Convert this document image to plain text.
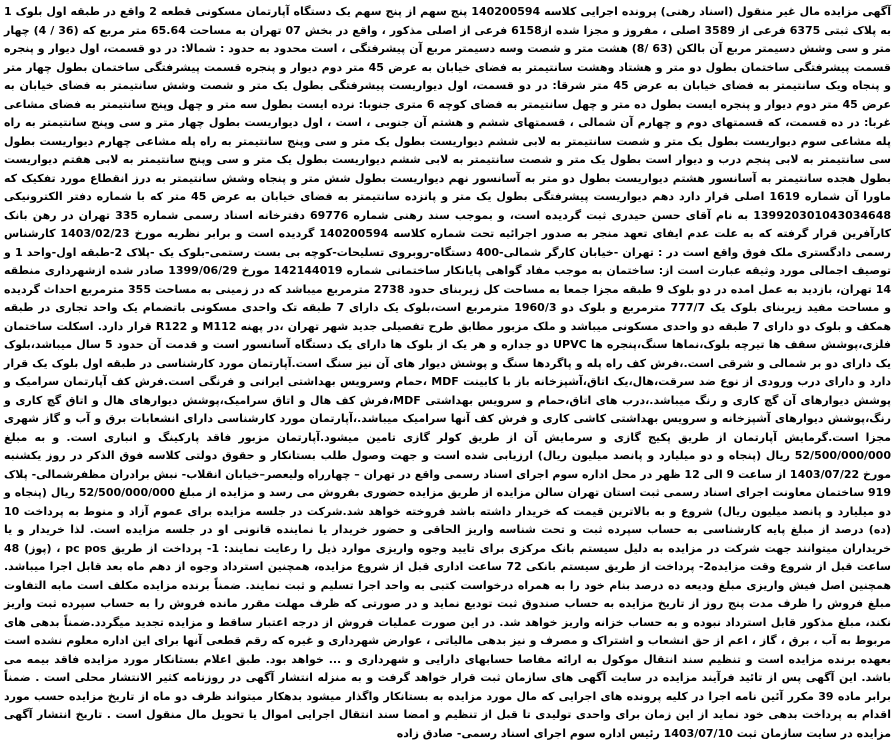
آگهی مزایده مال غیر منقول (اسناد رهنی) پرونده اجرایی کلاسه 140200594 پنج سهم از پنج سهم یک دستگاه آپارتمان مسکونی قطعه 2 واقع در طبقه اول بلوک 1 به پلاک ثبتی 6375 فرعی از 3589 اصلی ، مفروز و مجزا شده از6158 فرعی از اصلی مذکور ، واقع در بخش 07 تهران به مساحت 65.64 متر مربع که (36 / 4) چهار متر و سی وشش دسیمتر مربع آن بالکن (63 /8) هشت متر و شصت وسه دسیمتر مربع آن پیشرفتگی ، است محدود به حدود : شمالا: در دو قسمت، اول دیوار و پنجره قسمت پیشرفتگی ساختمان بطول دو متر و هشتاد وهشت سانتیمتر به فضای خیابان به عرض 45 متر دوم دیوار و پنجره قسمت پیشرفتگی ساختمان بطول چهار متر و پنجاه ویک سانتیمتر به فضای خیابان به عرض 45 متر شرقا: در دو قسمت، اول دیواریست پیشرفتگی بطول یک متر و شصت وشش سانتیمتر به فضای خیابان به عرض 45 متر دوم دیوار و پنجره ایست بطول ده متر و چهل سانتیمتر به فضای کوچه 6 متری جنوبا: نرده ایست بطول سه متر و چهل وپنج سانتیمتر به فضای مشاعی غربا: در ده قسمت، که قسمتهای دوم و چهارم آن شمالی ، قسمتهای ششم و هشتم آن جنوبی ، است ، اول دیواریست بطول چهار متر و سی وپنج سانتیمتر به راه پله مشاعی سوم دیواریست بطول یک متر و شصت سانتیمتر به لابی ششم دیواریست بطول یک متر و سی وپنج سانتیمتر به راه پله مشاعی چهارم دیواریست بطول سی سانتیمتر به لابی پنجم درب و دیوار است بطول یک متر و شصت سانتیمتر به لابی ششم دیواریست بطول یک متر و سی وپنج سانتیمتر به لابی هفتم دیواریست بطول هجده سانتیمتر به آسانسور هشتم دیواریست بطول دو متر به آسانسور نهم دیواریست بطول شش متر و پنجاه وشش سانتیمتر به درز انقطاع مورد تفکیک که ماورا آن شماره 1619 اصلی قرار دارد دهم دیواریست پیشرفتگی بطول یک متر و پانزده سانتیمتر به فضای خیابان به عرض 45 متر که با شماره دفتر الکترونیکی 139920301043034648 به نام آقای حسن حیدری ثبت گردیده است، و بموجب سند رهنی شماره 69776 دفترخانه اسناد رسمی شماره 335 تهران در رهن بانک کارآفرین قرار گرفته که به علت عدم ایفای تعهد منجر به صدور اجرائیه تحت شماره کلاسه 140200594 گردیده است و برابر نظریه مورخ 1403/02/23 کارشناس رسمی دادگستری ملک فوق واقع است در : تهران -خیابان کارگر شمالی-400 دستگاه-روبروی تسلیحات-کوچه بی بست رستمی-بلوک یک -پلاک 2-طبقه اول-واحد 1 و توصیف اجمالی مورد وثیقه عبارت است از: ساختمان به موجب مفاد گواهی پایانکار ساختمانی شماره 142144019 مورخ 1399/06/29 صادر شده ازشهرداری منطقه 14 تهران، بازدید به عمل امده در دو بلوک 9 طبقه مجزا جمعا به مساحت کل زیربنای حدود 2738 مترمربع میباشد که در زمینی به مساحت 355 مترمربع احداث گردیده و مساحت مفید زیربنای بلوک یک 777/7 مترمربع و بلوک دو 1960/3 مترمربع است،بلوک یک دارای 7 طبقه تک واحدی مسکونی باتضمام یک واحد تجاری در طبقه همکف و بلوک دو دارای 7 طبقه دو واحدی مسکونی میباشد و ملک مزبور مطابق طرح تفصیلی جدید شهر تهران ،در پهنه M112 و R122 قرار دارد. اسکلت ساختمان فلزی،پوشش سقف ها تیرچه بلوک،نماها سنگ،پنجره ها UPVC دو جداره و هر یک از بلوک ها دارای یک دستگاه آسانسور است و قدمت آن حدود 5 سال میباشد،بلوک یک دارای دو بر شمالی و شرقی است.،فرش کف راه پله و پاگردها سنگ و پوشش دیوار های آن نیز سنگ است.آپارتمان مورد کارشناسی در طبقه اول بلوک یک قرار دارد و دارای درب ورودی از نوع ضد سرقت،هال،یک اتاق،آشپزخانه باز با کابینت MDF ،حمام وسرویس بهداشتی ایرانی و فرنگی است.فرش کف آپارتمان سرامیک و پوشش دیوارهای آن گچ کاری و رنگ میباشد.،درب های اتاق،حمام و سرویس بهداشتی MDF،فرش کف هال و اتاق سرامیک،پوشش دیوارهای هال و اتاق گچ کاری و رنگ،پوشش دیوارهای آشپزخانه و سرویس بهداشتی کاشی کاری و فرش کف آنها سرامیک میباشد.،آپارتمان مورد کارشناسی دارای انشعابات برق و آب و گاز شهری مجزا است.گرمایش آپارتمان از طریق پکیج گازی و سرمایش آن از طریق کولر گازی تامین میشود.آپارتمان مزبور فاقد پارکینگ و انباری است. و به مبلغ 52/500/000/000 ریال (پنجاه و دو میلیارد و پانصد میلیون ریال) ارزیابی شده است و جهت وصول طلب بستانکار و حقوق دولتی کلاسه فوق الذکر در روز یکشنبه مورخ 1403/07/22 از ساعت 9 الی 12 ظهر در محل اداره سوم اجرای اسناد رسمی واقع در تهران – چهارراه ولیعصر–خیابان انقلاب- نبش برادران مظفرشمالی- پلاک 919 ساختمان معاونت اجرای اسناد رسمی ثبت استان تهران سالن مزایده از طریق مزایده حضوری بفروش می رسد و مزایده از مبلغ 52/500/000/000 ریال (پنجاه و دو میلیارد و پانصد میلیون ریال) شروع و به بالاترین قیمت که خریدار داشته باشد فروخته خواهد شد.شرکت در جلسه مزایده برای عموم آزاد و منوط به پرداخت 10 (ده) درصد از مبلغ پایه کارشناسی به حساب سپرده ثبت و تحت شناسه واریز الحاقی و حضور خریدار یا نماینده قانونی او در جلسه مزایده است. لذا خریدار و یا خریداران میتوانند جهت شرکت در مزایده به دلیل سیستم بانک مرکزی برای تایید وجوه واریزی موارد ذیل را رعایت نمایند: 1- پرداخت از طریق pc pos ، (پوز) 48 ساعت قبل از شروع وقت مزایده2- پرداخت از طریق سیستم بانکی 72 ساعت اداری قبل از شروع مزایده، همچنین استرداد وجوه از دهم ماه بعد قابل اجرا میباشد. همچنین اصل فیش واریزی مبلغ ودیعه ده درصد بنام خود را به همراه درخواست کتبی به واحد اجرا تسلیم و ثبت نمایند. ضمناً برنده مزایده مکلف است مابه التفاوت مبلغ فروش را ظرف مدت پنج روز از تاریخ مزایده به حساب صندوق ثبت تودیع نماید و در صورتی که ظرف مهلت مقرر مانده فروش را به حساب سپرده ثبت واریز نکند، مبلغ مذکور قابل استرداد نبوده و به حساب خزانه واریز خواهد شد. در این صورت عملیات فروش از درجه اعتبار ساقط و مزایده تجدید میگردد.ضمناً بدهی های مربوط به آب ، برق ، گاز ، اعم از حق انشعاب و اشتراک و مصرف و نیز بدهی مالیاتی ، عوارض شهرداری و غیره که رقم قطعی آنها برای این اداره معلوم نشده است بعهده برنده مزایده است و تنظیم سند انتقال موکول به ارائه مفاصا حسابهای دارایی و شهرداری و ... خواهد بود. طبق اعلام بستانکار مورد مزایده فاقد بیمه می باشد. این آگهی پس از تائید فرآیند مزایده در سایت آگهی های سازمان ثبت قرار خواهد گرفت و به منزله انتشار آگهی در روزنامه کثیر الانتشار محلی است . ضمناً برابر ماده 39 مکرر آئین نامه اجرا در کلیه پرونده های اجرایی که مال مورد مزایده به بستانکار واگذار میشود بدهکار میتواند ظرف دو ماه از تاریخ مزایده حسب مورد اقدام به پرداخت بدهی خود نماید از این زمان برای واحدی تولیدی تا قبل از تنظیم و امضا سند انتقال اجرایی اموال یا تحویل مال منقول است . تاریخ انتشار آگهی مزایده در سایت سازمان ثبت 1403/07/10 رئیس اداره سوم اجرای اسناد رسمی- صادق زاده
